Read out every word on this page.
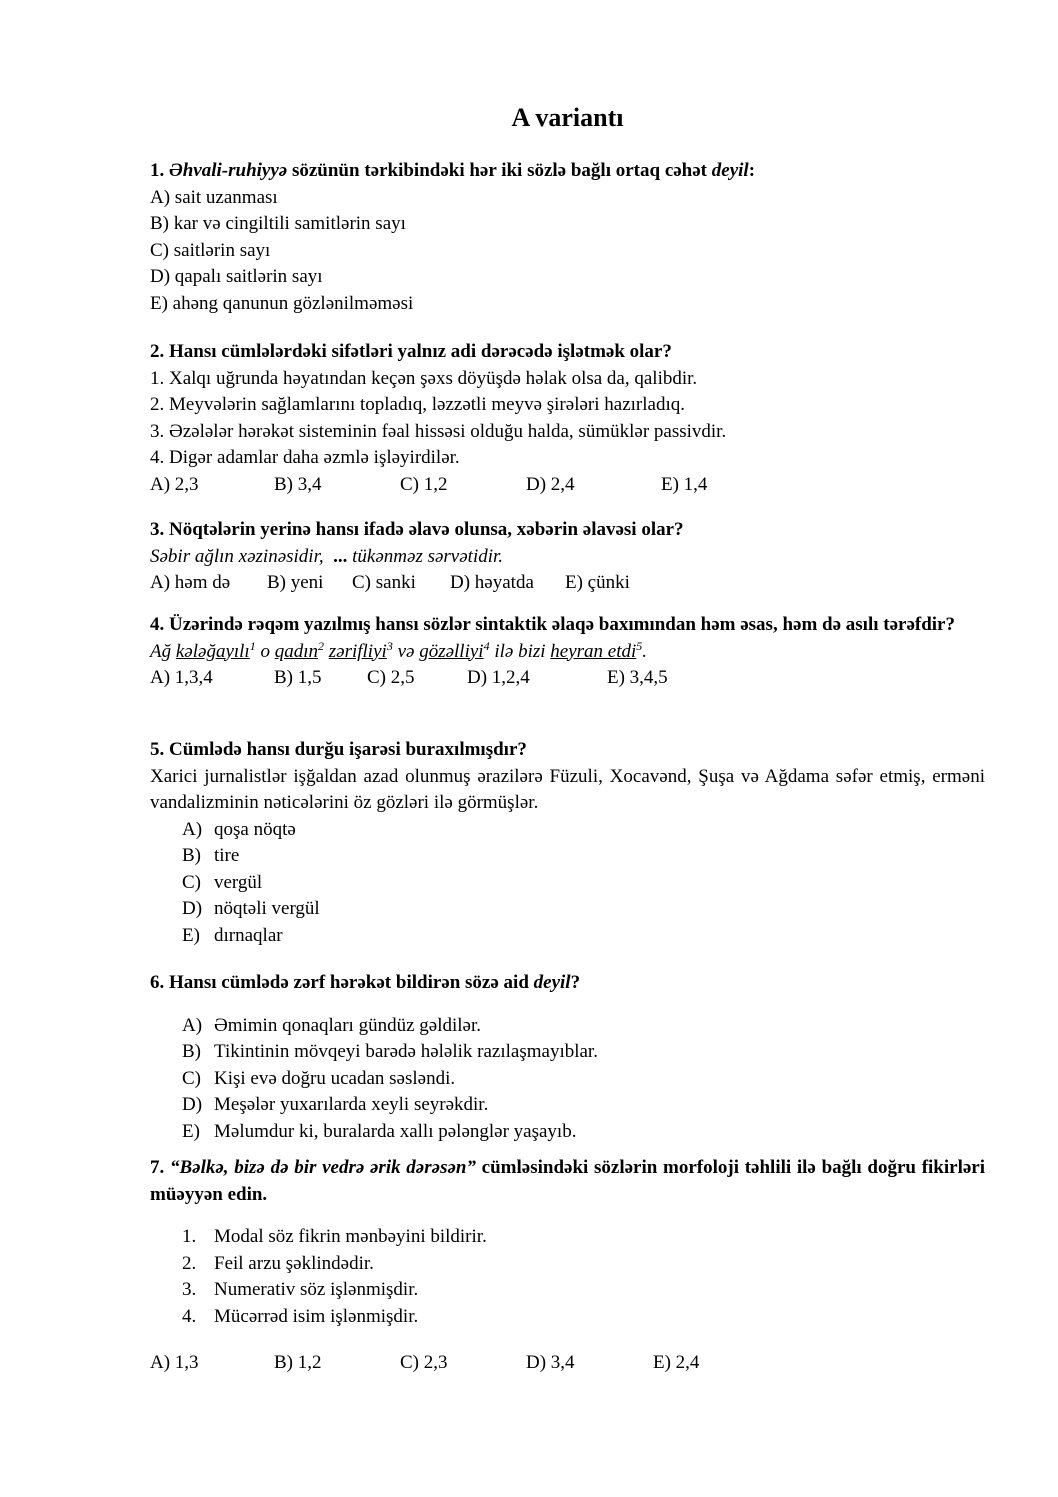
A variantı
1. Əhvali-ruhiyyə sözünün tərkibindəki hər iki sözlə bağlı ortaq cəhət deyil:
A) sait uzanması
B) kar və cingiltili samitlərin sayı
C) saitlərin sayı
D) qapalı saitlərin sayı
E) ahəng qanunun gözlənilməməsi
2. Hansı cümlələrdəki sifətləri yalnız adi dərəcədə işlətmək olar?
1. Xalqı uğrunda həyatından keçən şəxs döyüşdə həlak olsa da, qalibdir.
2. Meyvələrin sağlamlarını topladıq, ləzzətli meyvə şirələri hazırladıq.
3. Əzələlər hərəkət sisteminin fəal hissəsi olduğu halda, sümüklər passivdir.
4. Digər adamlar daha əzmlə işləyirdilər.
A) 2,3	B) 3,4	C) 1,2	D) 2,4	E) 1,4
3. Nöqtələrin yerinə hansı ifadə əlavə olunsa, xəbərin əlavəsi olar?
Səbir ağlın xəzinəsidir,  ... tükənməz sərvətidir.
A) həm də	B) yeni	C) sanki	D) həyatda	E) çünki
4. Üzərində rəqəm yazılmış hansı sözlər sintaktik əlaqə baxımından həm əsas, həm də asılı tərəfdir?
Ağ kələğayılı$^1$ o qadın$^2$ zərifliyi$^3$ və gözəlliyi$^4$ ilə bizi heyran etdi$^5$.
A) 1,3,4	B) 1,5	C) 2,5	D) 1,2,4	E) 3,4,5
5. Cümlədə hansı durğu işarəsi buraxılmışdır?
Xarici jurnalistlər işğaldan azad olunmuş ərazilərə Füzuli, Xocavənd, Şuşa və Ağdama səfər etmiş, erməni vandalizminin nəticələrini öz gözləri ilə görmüşlər.
A) qoşa nöqtə
B) tire
C) vergül
D) nöqtəli vergül
E) dırnaqlar
6. Hansı cümlədə zərf hərəkət bildirən sözə aid deyil?
A) Əmimin qonaqları gündüz gəldilər.
B) Tikintinin mövqeyi barədə hələlik razılaşmayıblar.
C) Kişi evə doğru ucadan səsləndi.
D) Meşələr yuxarılarda xeyli seyrəkdir.
E) Məlumdur ki, buralarda xallı pələnglər yaşayıb.
7. “Bəlkə, bizə də bir vedrə ərik dərəsən” cümləsindəki sözlərin morfoloji təhlili ilə bağlı doğru fikirləri müəyyən edin.
1. Modal söz fikrin mənbəyini bildirir.
2. Feil arzu şəklindədir.
3. Numerativ söz işlənmişdir.
4. Mücərrəd isim işlənmişdir.
A) 1,3	B) 1,2	C) 2,3	D) 3,4	E) 2,4
